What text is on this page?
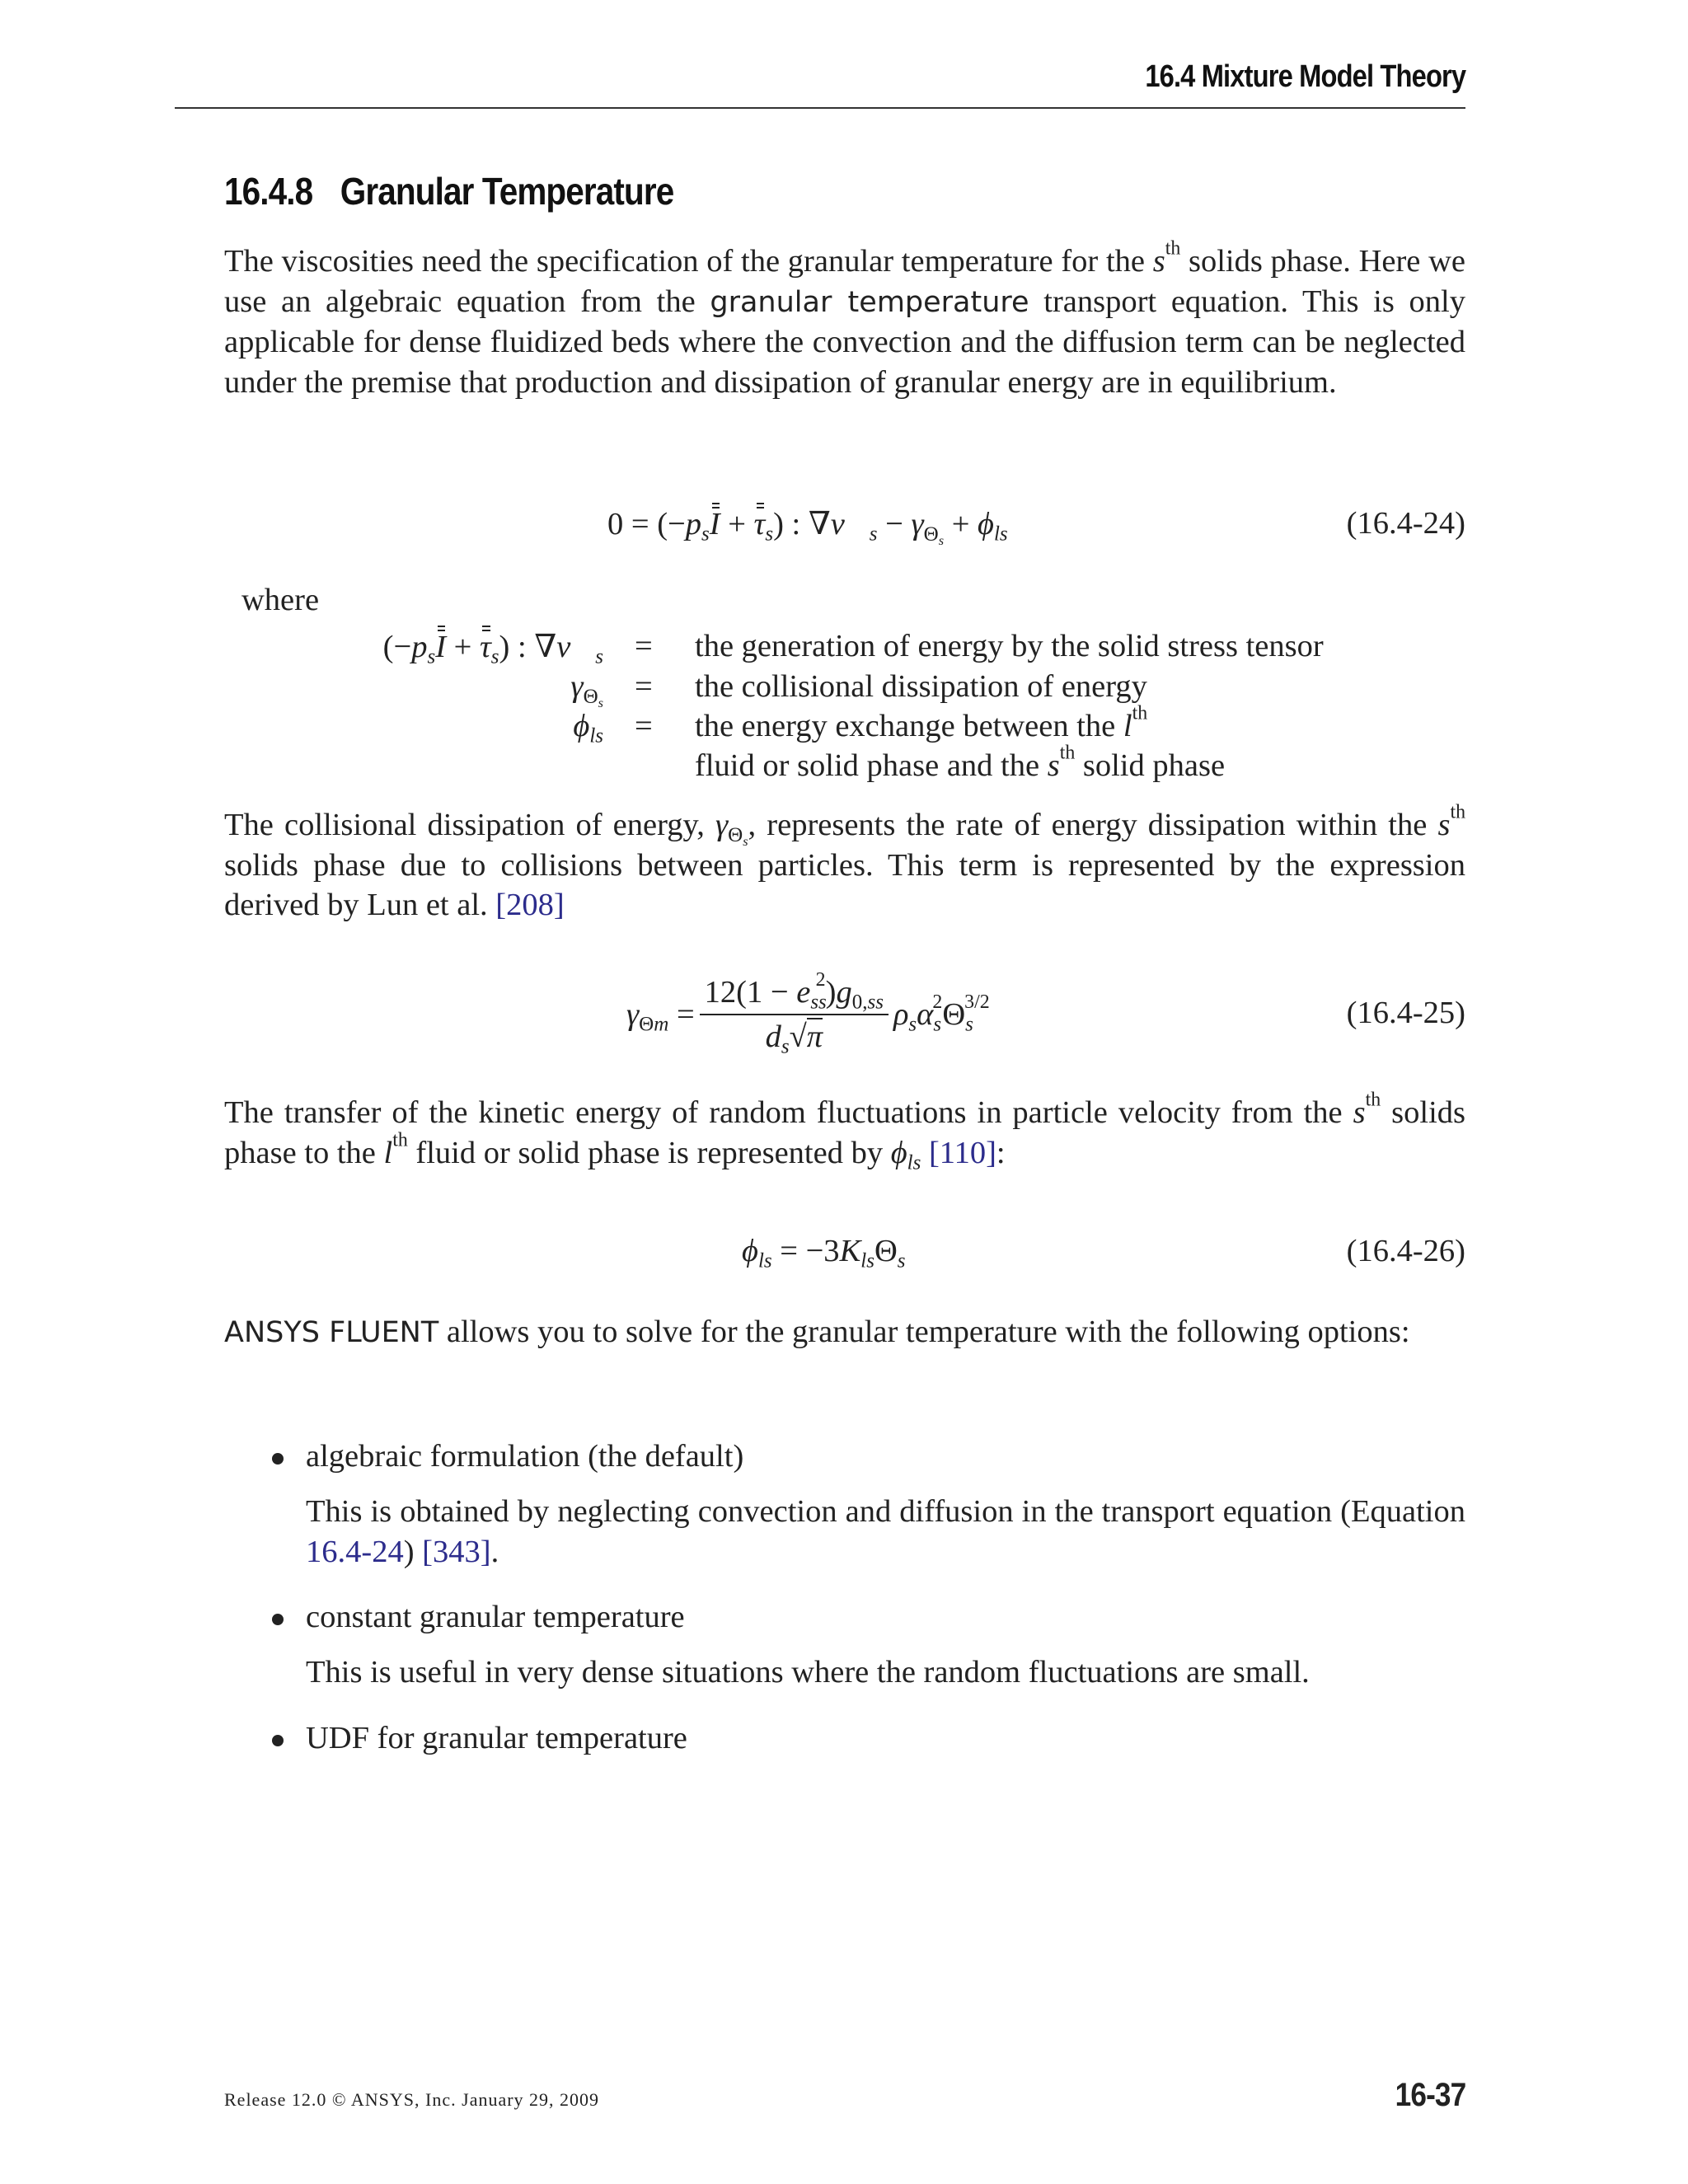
16.4 Mixture Model Theory
16.4.8 Granular Temperature
The viscosities need the specification of the granular temperature for the $s^{th}$ solids phase. Here we use an algebraic equation from the granular temperature transport equation. This is only applicable for dense fluidized beds where the convection and the diffusion term can be neglected under the premise that production and dissipation of granular energy are in equilibrium.
$0 = (-p_sI + \tau_s)$ : $\nabla v⃗_s - \gamma_{\Theta_s} + \phi_{ls}$	(16.4-24)
where
$(-p_sI + \tau_s)$ : $\nabla v⃗_s$ = the generation of energy by the solid stress tensor
$\gamma_{\Theta_s}$ = the collisional dissipation of energy
$\phi_{ls}$ = the energy exchange between the $l^{th}$
fluid or solid phase and the $s^{th}$ solid phase
The collisional dissipation of energy, $\gamma_{\Theta_s}$, represents the rate of energy dissipation within the $s^{th}$ solids phase due to collisions between particles. This term is represented by the expression derived by Lun et al. [208]
$\gamma_{\Theta m} = \frac{12(1 - e_{ss}^2)g_{0,ss}}{d_s√\pi} \rho_s\alpha_s^2\Theta_s^{3/2}$	(16.4-25)
The transfer of the kinetic energy of random fluctuations in particle velocity from the $s^{th}$ solids phase to the $l^{th}$ fluid or solid phase is represented by $\phi_{ls}$ [110]:
$\phi_{ls} = -3K_{ls}\Theta_s$	(16.4-26)
ANSYS FLUENT allows you to solve for the granular temperature with the following options:
algebraic formulation (the default)
This is obtained by neglecting convection and diffusion in the transport equation (Equation 16.4-24) [343].
constant granular temperature
This is useful in very dense situations where the random fluctuations are small.
UDF for granular temperature
Release 12.0 © ANSYS, Inc. January 29, 2009	16-37
